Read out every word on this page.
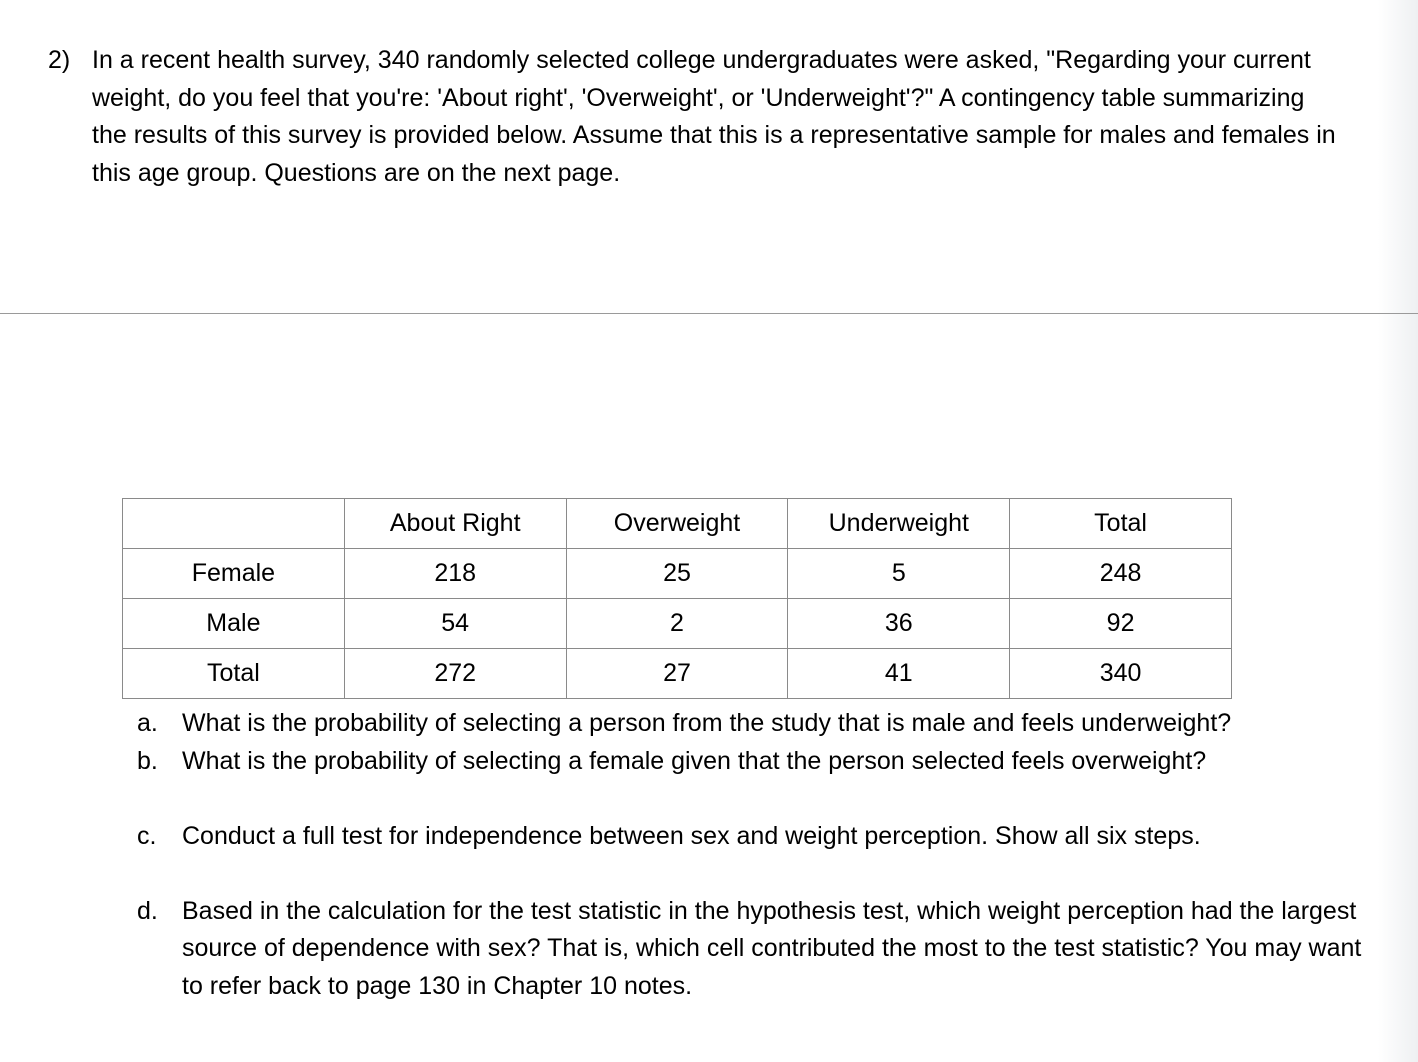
2) In a recent health survey, 340 randomly selected college undergraduates were asked, "Regarding your current weight, do you feel that you're: 'About right', 'Overweight', or 'Underweight'?" A contingency table summarizing the results of this survey is provided below. Assume that this is a representative sample for males and females in this age group. Questions are on the next page.
	About Right	Overweight	Underweight	Total
Female	218	25	5	248
Male	54	2	36	92
Total	272	27	41	340
a. What is the probability of selecting a person from the study that is male and feels underweight?
b. What is the probability of selecting a female given that the person selected feels overweight?
c. Conduct a full test for independence between sex and weight perception. Show all six steps.
d. Based in the calculation for the test statistic in the hypothesis test, which weight perception had the largest source of dependence with sex? That is, which cell contributed the most to the test statistic? You may want to refer back to page 130 in Chapter 10 notes.
